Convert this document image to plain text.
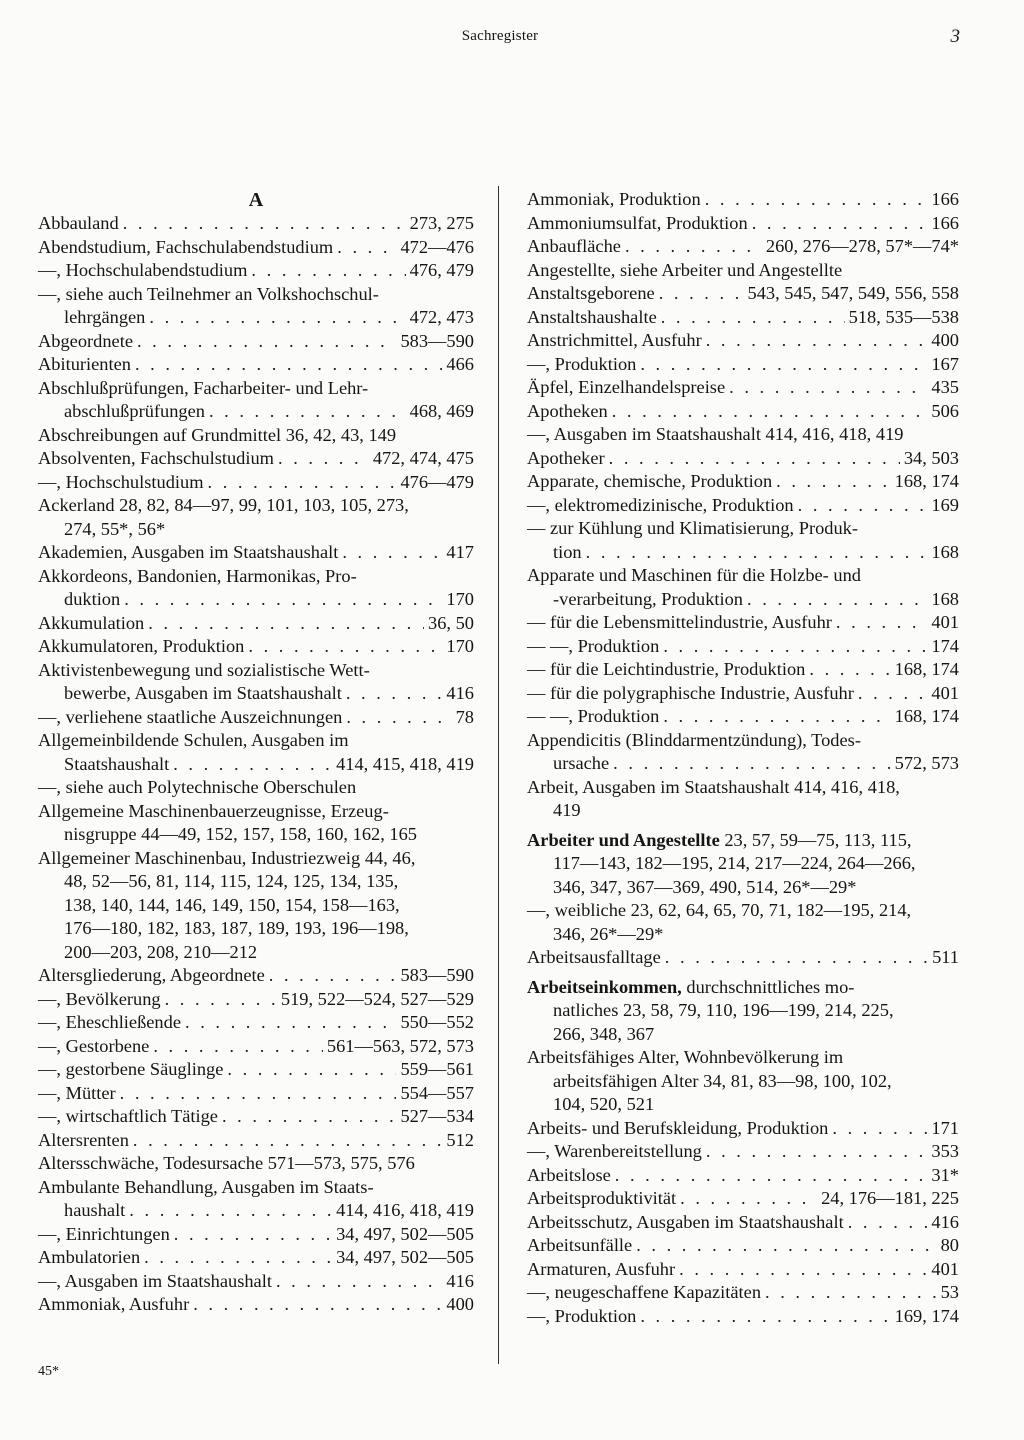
Sachregister	3
A
Abbauland . . .	273, 275
Abendstudium, Fachschulabendstudium . . .	472—476
—, Hochschulabendstudium . . .	476, 479
—, siehe auch Teilnehmer an Volkshochschul-
lehrgängen . . .	472, 473
Abgeordnete . . .	583—590
Abiturienten . . .	466
Abschlußprüfungen, Facharbeiter- und Lehr-
abschlußprüfungen . . .	468, 469
Abschreibungen auf Grundmittel 36, 42, 43, 149
Absolventen, Fachschulstudium . . .	472, 474, 475
—, Hochschulstudium . . .	476—479
Ackerland 28, 82, 84—97, 99, 101, 103, 105, 273,
274, 55*, 56*
Akademien, Ausgaben im Staatshaushalt . . .	417
Akkordeons, Bandonien, Harmonikas, Pro-
duktion . . .	170
Akkumulation . . .	36, 50
Akkumulatoren, Produktion . . .	170
Aktivistenbewegung und sozialistische Wett-
bewerbe, Ausgaben im Staatshaushalt . . .	416
—, verliehene staatliche Auszeichnungen . . .	78
Allgemeinbildende Schulen, Ausgaben im
Staatshaushalt . . .	414, 415, 418, 419
—, siehe auch Polytechnische Oberschulen
Allgemeine Maschinenbauerzeugnisse, Erzeug-
nisgruppe 44—49, 152, 157, 158, 160, 162, 165
Allgemeiner Maschinenbau, Industriezweig 44, 46,
48, 52—56, 81, 114, 115, 124, 125, 134, 135,
138, 140, 144, 146, 149, 150, 154, 158—163,
176—180, 182, 183, 187, 189, 193, 196—198,
200—203, 208, 210—212
Altersgliederung, Abgeordnete . . .	583—590
—, Bevölkerung . . .	519, 522—524, 527—529
—, Eheschließende . . .	550—552
—, Gestorbene . . .	561—563, 572, 573
—, gestorbene Säuglinge . . .	559—561
—, Mütter . . .	554—557
—, wirtschaftlich Tätige . . .	527—534
Altersrenten . . .	512
Altersschwäche, Todesursache 571—573, 575, 576
Ambulante Behandlung, Ausgaben im Staats-
haushalt . . .	414, 416, 418, 419
—, Einrichtungen . . .	34, 497, 502—505
Ambulatorien . . .	34, 497, 502—505
—, Ausgaben im Staatshaushalt . . .	416
Ammoniak, Ausfuhr . . .	400
Ammoniak, Produktion . . .	166
Ammoniumsulfat, Produktion . . .	166
Anbaufläche . . .	260, 276—278, 57*—74*
Angestellte, siehe Arbeiter und Angestellte
Anstaltsgeborene . . .	543, 545, 547, 549, 556, 558
Anstaltshaushalte . . .	518, 535—538
Anstrichmittel, Ausfuhr . . .	400
—, Produktion . . .	167
Äpfel, Einzelhandelspreise . . .	435
Apotheken . . .	506
—, Ausgaben im Staatshaushalt 414, 416, 418, 419
Apotheker . . .	34, 503
Apparate, chemische, Produktion . . .	168, 174
—, elektromedizinische, Produktion . . .	169
— zur Kühlung und Klimatisierung, Produk-
tion . . .	168
Apparate und Maschinen für die Holzbe- und
-verarbeitung, Produktion . . .	168
— für die Lebensmittelindustrie, Ausfuhr . . .	401
— —, Produktion . . .	174
— für die Leichtindustrie, Produktion . . .	168, 174
— für die polygraphische Industrie, Ausfuhr . . .	401
— —, Produktion . . .	168, 174
Appendicitis (Blinddarmentzündung), Todes-
ursache . . .	572, 573
Arbeit, Ausgaben im Staatshaushalt 414, 416, 418,
419
Arbeiter und Angestellte 23, 57, 59—75, 113, 115,
117—143, 182—195, 214, 217—224, 264—266,
346, 347, 367—369, 490, 514, 26*—29*
—, weibliche 23, 62, 64, 65, 70, 71, 182—195, 214,
346, 26*—29*
Arbeitsausfalltage . . .	511
Arbeitseinkommen, durchschnittliches mo-
natliches 23, 58, 79, 110, 196—199, 214, 225,
266, 348, 367
Arbeitsfähiges Alter, Wohnbevölkerung im
arbeitsfähigen Alter 34, 81, 83—98, 100, 102,
104, 520, 521
Arbeits- und Berufskleidung, Produktion . . .	171
—, Warenbereitstellung . . .	353
Arbeitslose . . .	31*
Arbeitsproduktivität . . .	24, 176—181, 225
Arbeitsschutz, Ausgaben im Staatshaushalt . . .	416
Arbeitsunfälle . . .	80
Armaturen, Ausfuhr . . .	401
—, neugeschaffene Kapazitäten . . .	53
—, Produktion . . .	169, 174
45*
